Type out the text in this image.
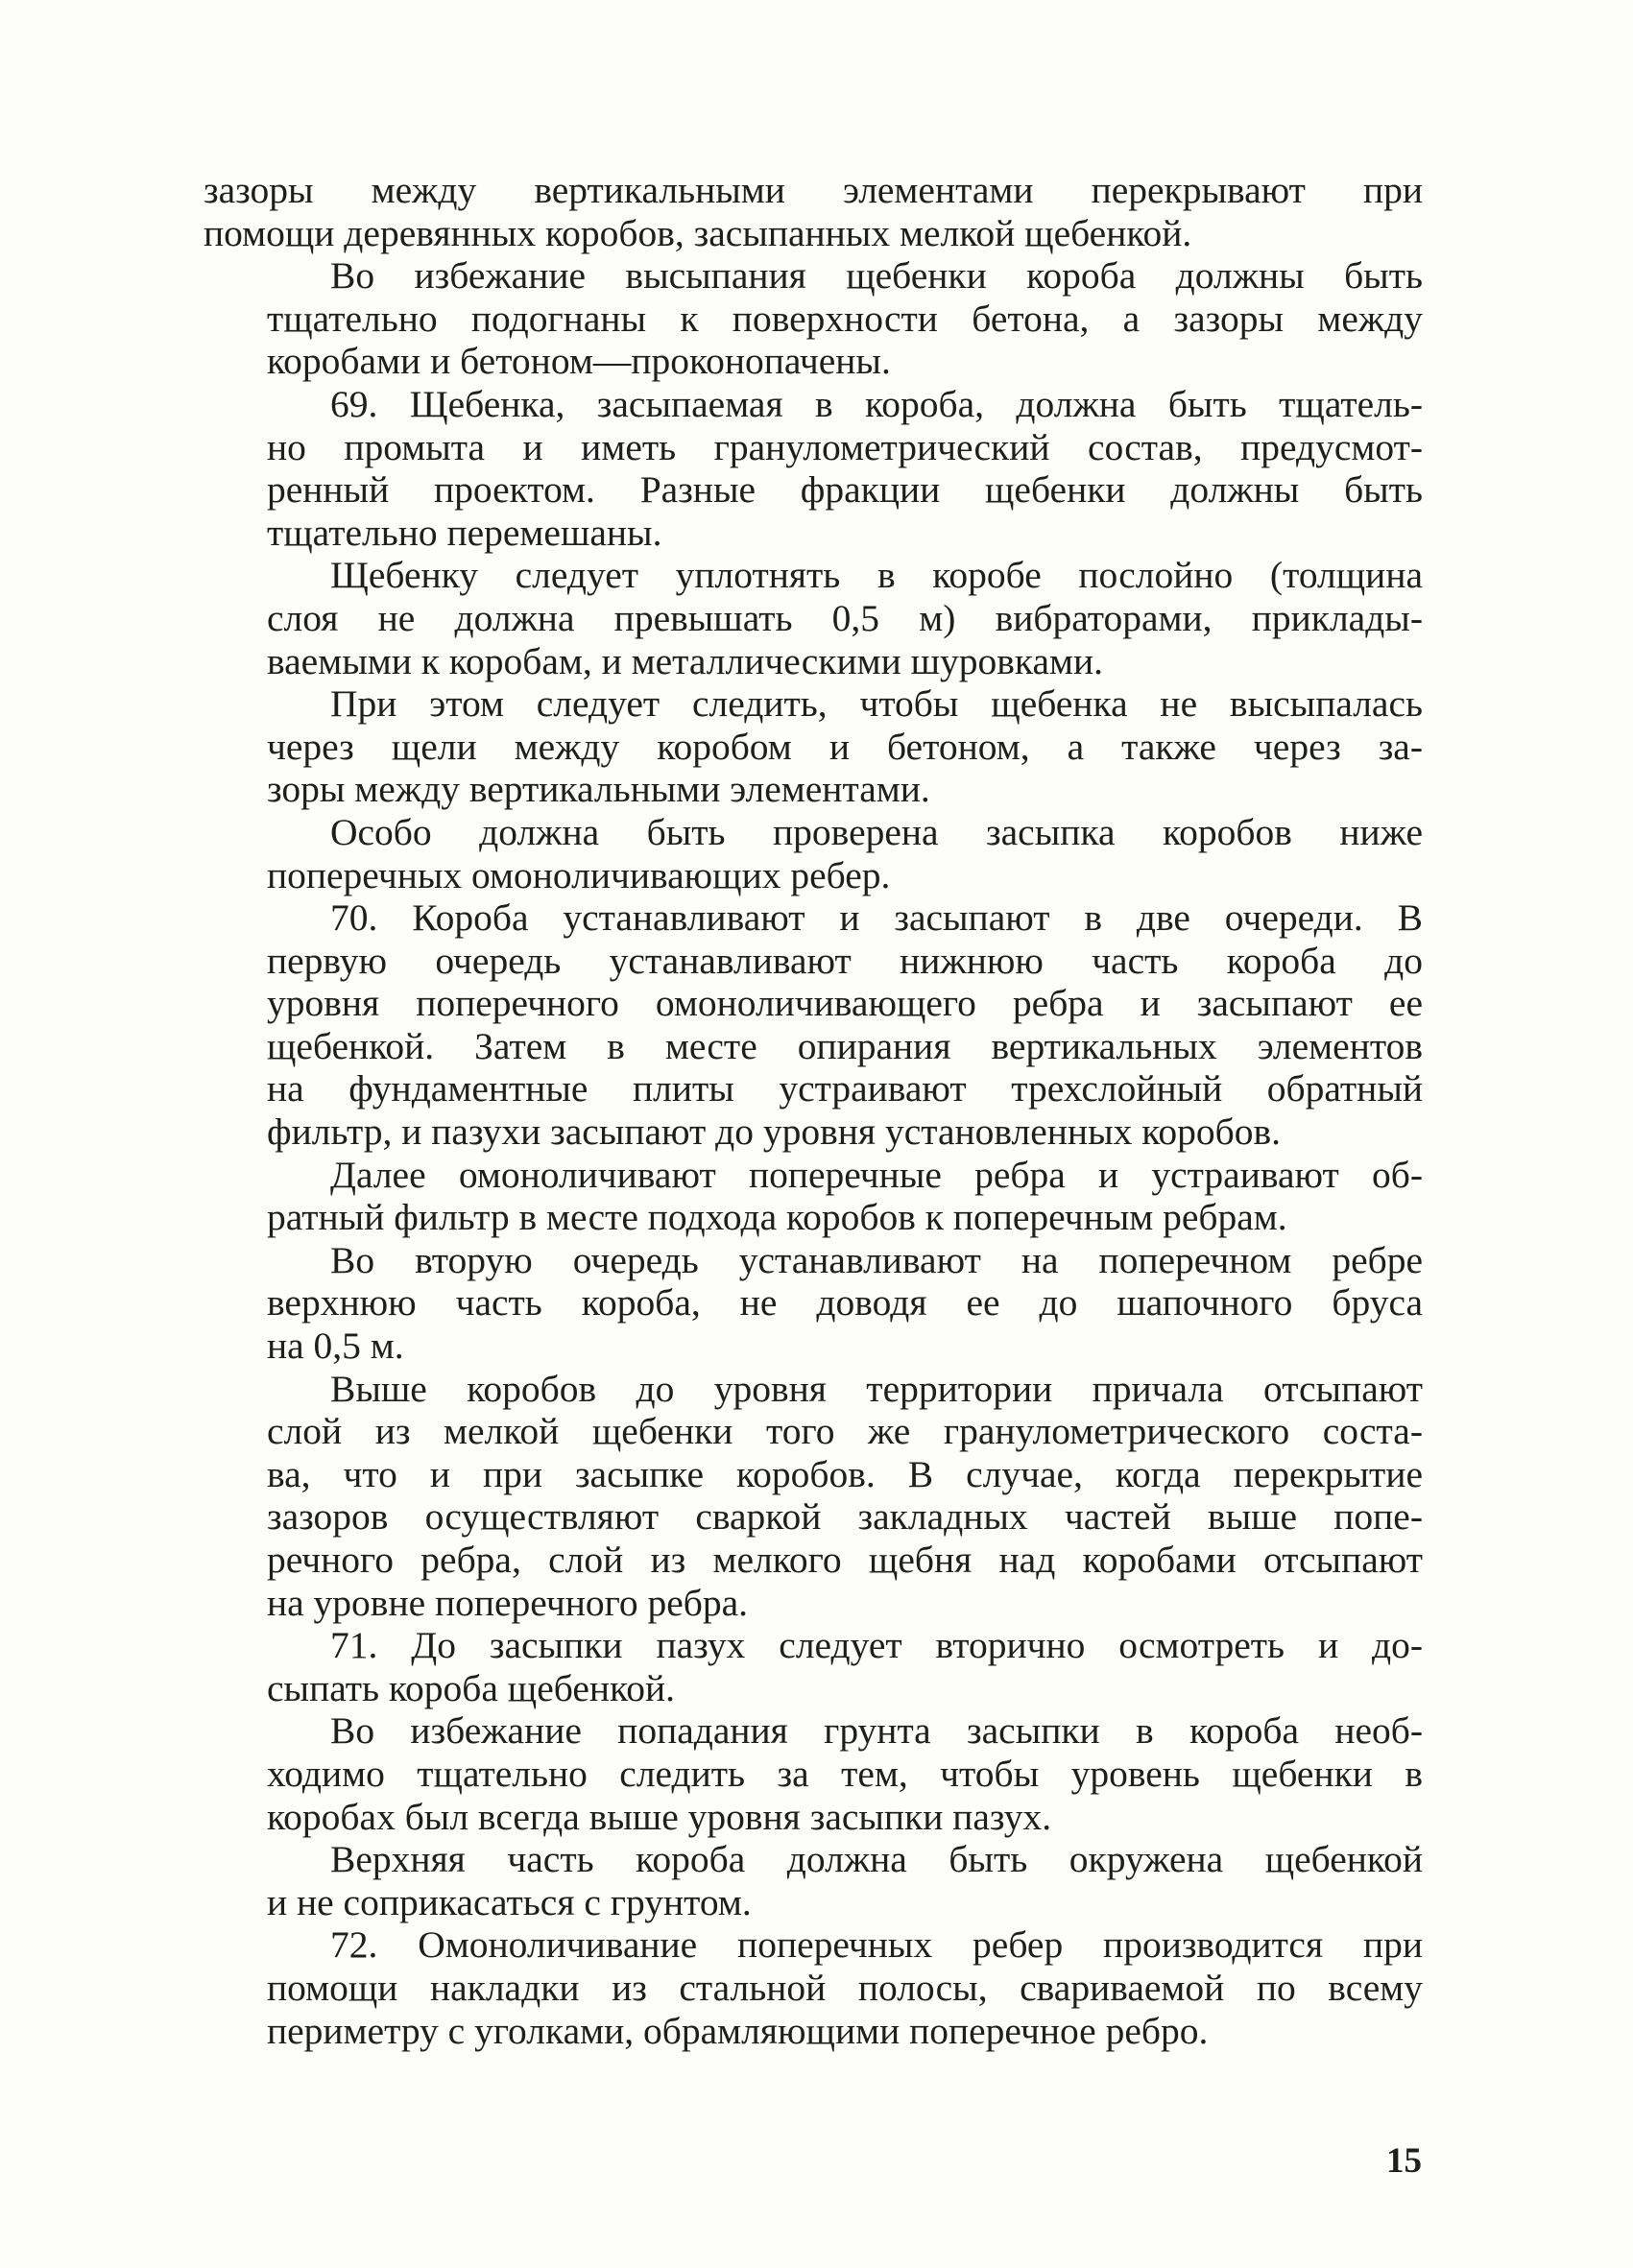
зазоры между вертикальными элементами перекрывают при
помощи деревянных коробов, засыпанных мелкой щебенкой.
Во избежание высыпания щебенки короба должны быть
тщательно подогнаны к поверхности бетона, а зазоры между
коробами и бетоном—проконопачены.
69. Щебенка, засыпаемая в короба, должна быть тщатель-
но промыта и иметь гранулометрический состав, предусмот-
ренный проектом. Разные фракции щебенки должны быть
тщательно перемешаны.
Щебенку следует уплотнять в коробе послойно (толщина
слоя не должна превышать 0,5 м) вибраторами, приклады-
ваемыми к коробам, и металлическими шуровками.
При этом следует следить, чтобы щебенка не высыпалась
через щели между коробом и бетоном, а также через за-
зоры между вертикальными элементами.
Особо должна быть проверена засыпка коробов ниже
поперечных омоноличивающих ребер.
70. Короба устанавливают и засыпают в две очереди. В
первую очередь устанавливают нижнюю часть короба до
уровня поперечного омоноличивающего ребра и засыпают ее
щебенкой. Затем в месте опирания вертикальных элементов
на фундаментные плиты устраивают трехслойный обратный
фильтр, и пазухи засыпают до уровня установленных коробов.
Далее омоноличивают поперечные ребра и устраивают об-
ратный фильтр в месте подхода коробов к поперечным ребрам.
Во вторую очередь устанавливают на поперечном ребре
верхнюю часть короба, не доводя ее до шапочного бруса
на 0,5 м.
Выше коробов до уровня территории причала отсыпают
слой из мелкой щебенки того же гранулометрического соста-
ва, что и при засыпке коробов. В случае, когда перекрытие
зазоров осуществляют сваркой закладных частей выше попе-
речного ребра, слой из мелкого щебня над коробами отсыпают
на уровне поперечного ребра.
71. До засыпки пазух следует вторично осмотреть и до-
сыпать короба щебенкой.
Во избежание попадания грунта засыпки в короба необ-
ходимо тщательно следить за тем, чтобы уровень щебенки в
коробах был всегда выше уровня засыпки пазух.
Верхняя часть короба должна быть окружена щебенкой
и не соприкасаться с грунтом.
72. Омоноличивание поперечных ребер производится при
помощи накладки из стальной полосы, свариваемой по всему
периметру с уголками, обрамляющими поперечное ребро.
15
